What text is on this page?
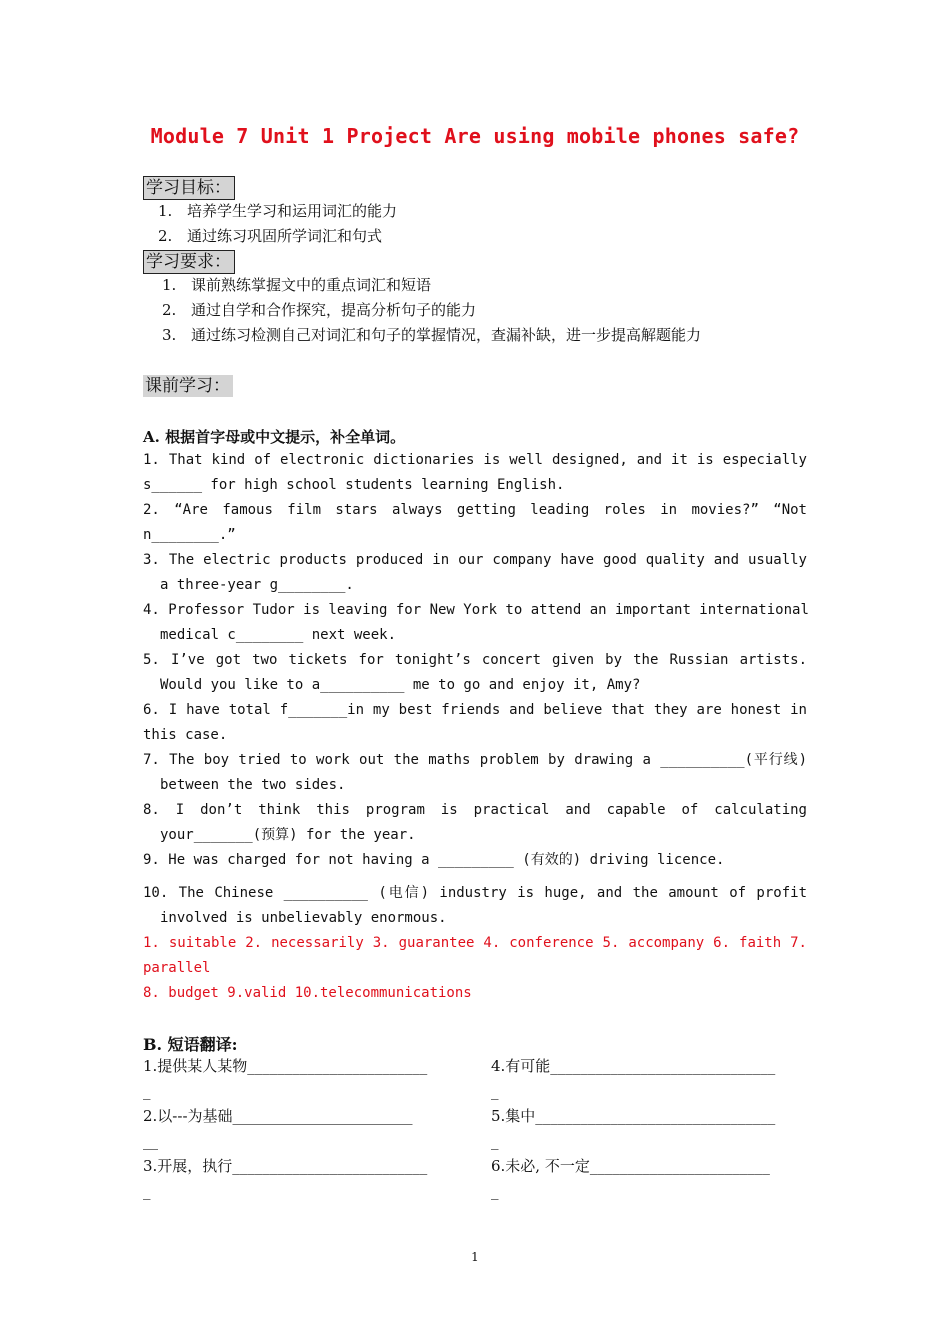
Module 7 Unit 1 Project Are using mobile phones safe?
学习目标：
1. 培养学生学习和运用词汇的能力
2. 通过练习巩固所学词汇和句式
学习要求：
1. 课前熟练掌握文中的重点词汇和短语
2. 通过自学和合作探究，提高分析句子的能力
3. 通过练习检测自己对词汇和句子的掌握情况，查漏补缺，进一步提高解题能力
课前学习：
A. 根据首字母或中文提示，补全单词。
1. That kind of electronic dictionaries is well designed, and it is especially
s______ for high school students learning English.
2. “Are famous film stars always getting leading roles in movies?” “Not
n________.”
3. The electric products produced in our company have good quality and usually
a three-year g________.
4. Professor Tudor is leaving for New York to attend an important international
medical c________ next week.
5. I’ve got two tickets for tonight’s concert given by the Russian artists.
Would you like to a__________ me to go and enjoy it, Amy?
6. I have total f_______in my best friends and believe that they are honest in
this case.
7. The boy tried to work out the maths problem by drawing a __________(平行线)
between the two sides.
8. I don’t think this program is practical and capable of calculating
your_______(预算) for the year.
9. He was charged for not having a _________ (有效的) driving licence.
10. The Chinese __________ (电信) industry is huge, and the amount of profit
involved is unbelievably enormous.
1. suitable 2. necessarily 3. guarantee 4. conference 5. accompany 6. faith 7.
parallel
8. budget 9.valid 10.telecommunications
B. 短语翻译:
1.提供某人某物________________________
_
2.以---为基础________________________
__
3.开展，执行__________________________
_
4.有可能______________________________
_
5.集中________________________________
_
6.未必, 不一定________________________
_
1
